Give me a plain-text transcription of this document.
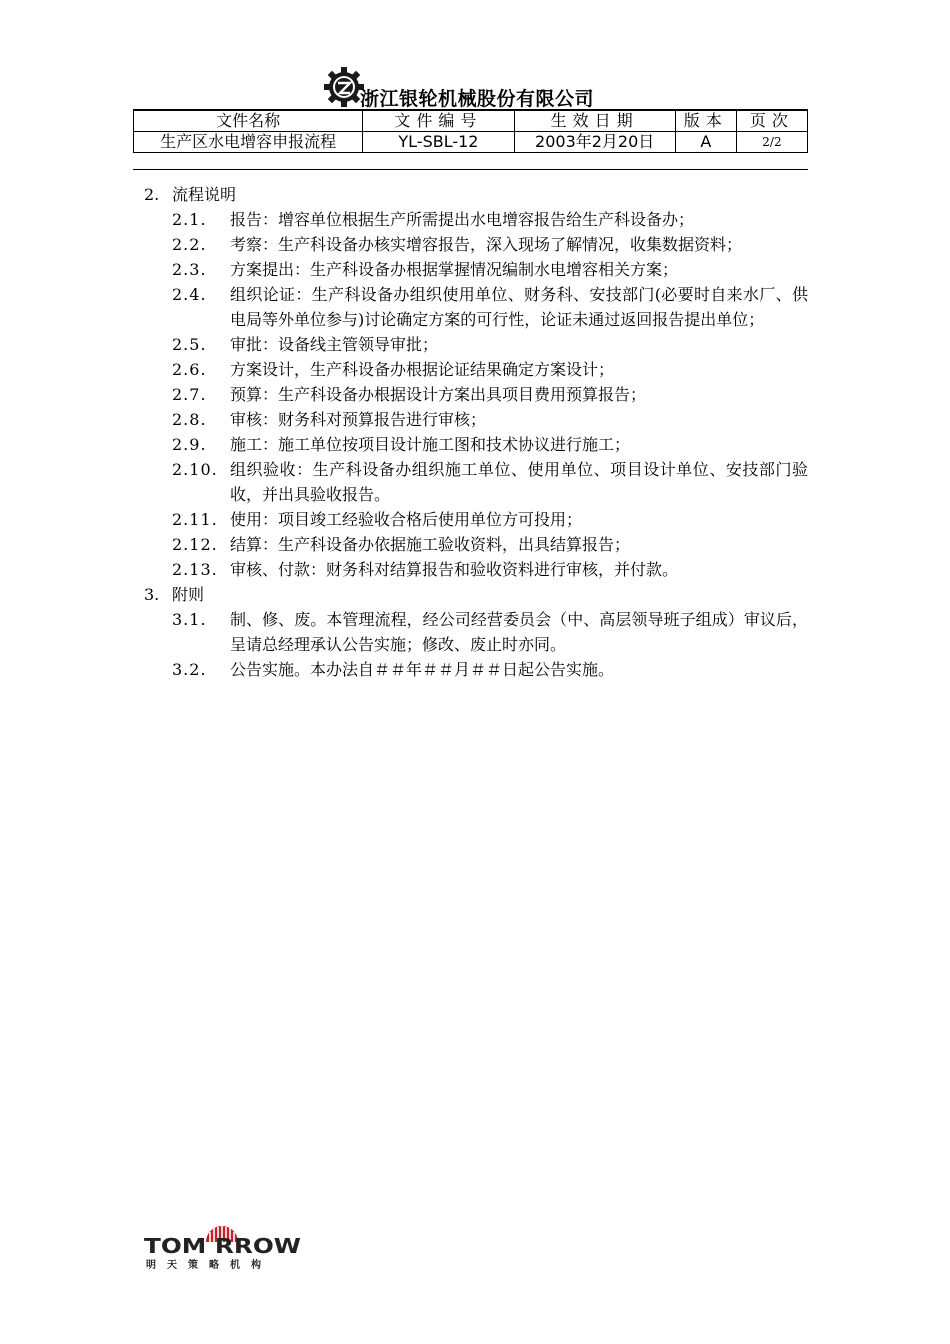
浙江银轮机械股份有限公司
文件名称	文件编号	生效日期	版本	页次
生产区水电增容申报流程	YL-SBL-12	2003年2月20日	A	2/2
2. 流程说明
2.1.	报告：增容单位根据生产所需提出水电增容报告给生产科设备办；
2.2.	考察：生产科设备办核实增容报告，深入现场了解情况，收集数据资料；
2.3.	方案提出：生产科设备办根据掌握情况编制水电增容相关方案；
2.4.	组织论证：生产科设备办组织使用单位、财务科、安技部门(必要时自来水厂、供电局等外单位参与)讨论确定方案的可行性，论证未通过返回报告提出单位；
2.5.	审批：设备线主管领导审批；
2.6.	方案设计，生产科设备办根据论证结果确定方案设计；
2.7.	预算：生产科设备办根据设计方案出具项目费用预算报告；
2.8.	审核：财务科对预算报告进行审核；
2.9.	施工：施工单位按项目设计施工图和技术协议进行施工；
2.10. 组织验收：生产科设备办组织施工单位、使用单位、项目设计单位、安技部门验收，并出具验收报告。
2.11. 使用：项目竣工经验收合格后使用单位方可投用；
2.12. 结算：生产科设备办依据施工验收资料，出具结算报告；
2.13. 审核、付款：财务科对结算报告和验收资料进行审核，并付款。
3. 附则
3.1.	制、修、废。本管理流程，经公司经营委员会（中、高层领导班子组成）审议后，呈请总经理承认公告实施；修改、废止时亦同。
3.2.	公告实施。本办法自＃＃年＃＃月＃＃日起公告实施。
TOM RROW
明天策略机构
